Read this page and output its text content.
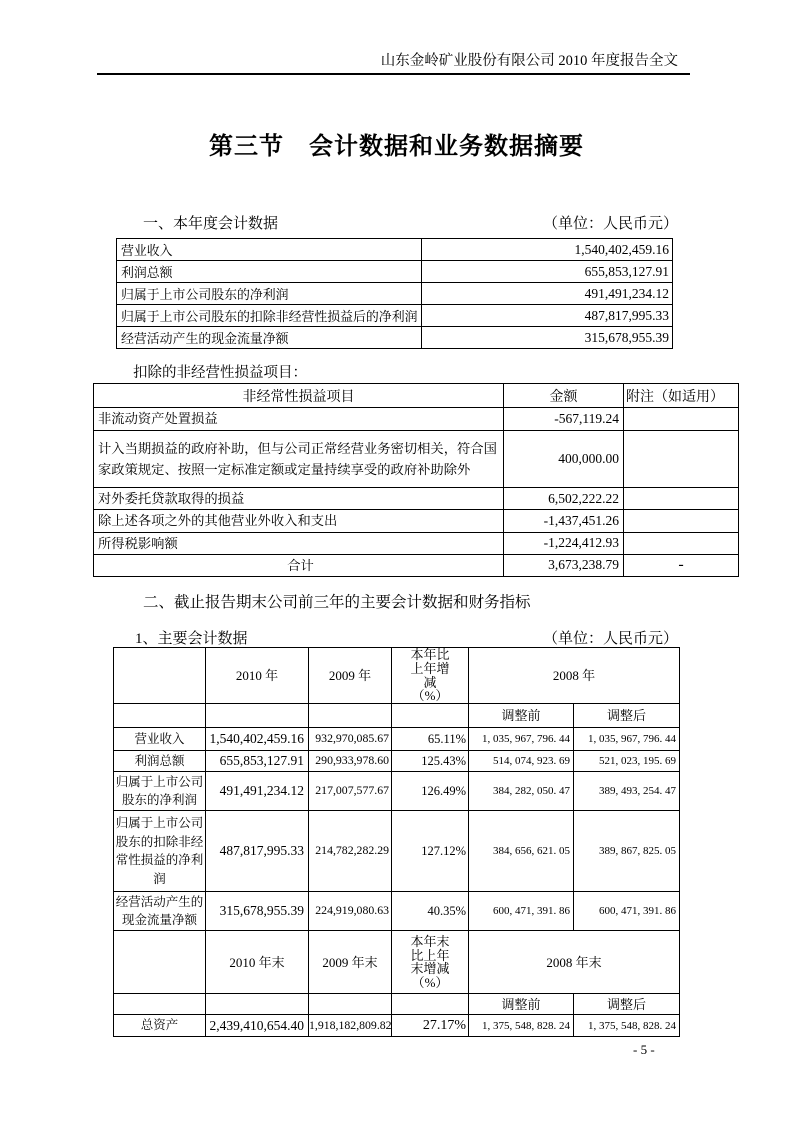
山东金岭矿业股份有限公司 2010 年度报告全文
第三节　会计数据和业务数据摘要
一、本年度会计数据	（单位：人民币元）
营业收入	1,540,402,459.16
利润总额	655,853,127.91
归属于上市公司股东的净利润	491,491,234.12
归属于上市公司股东的扣除非经营性损益后的净利润	487,817,995.33
经营活动产生的现金流量净额	315,678,955.39
扣除的非经营性损益项目：
非经常性损益项目	金额	附注（如适用）
非流动资产处置损益	-567,119.24	
计入当期损益的政府补助，但与公司正常经营业务密切相关，符合国家政策规定、按照一定标准定额或定量持续享受的政府补助除外	400,000.00	
对外委托贷款取得的损益	6,502,222.22	
除上述各项之外的其他营业外收入和支出	-1,437,451.26	
所得税影响额	-1,224,412.93	
合计	3,673,238.79	-
二、截止报告期末公司前三年的主要会计数据和财务指标
1、主要会计数据	（单位：人民币元）
	2010 年	2009 年	本年比上年增减（%）	2008 年	
				调整前	调整后
营业收入	1,540,402,459.16	932,970,085.67	65.11%	1, 035, 967, 796. 44	1, 035, 967, 796. 44
利润总额	655,853,127.91	290,933,978.60	125.43%	514, 074, 923. 69	521, 023, 195. 69
归属于上市公司股东的净利润	491,491,234.12	217,007,577.67	126.49%	384, 282, 050. 47	389, 493, 254. 47
归属于上市公司股东的扣除非经常性损益的净利润	487,817,995.33	214,782,282.29	127.12%	384, 656, 621. 05	389, 867, 825. 05
经营活动产生的现金流量净额	315,678,955.39	224,919,080.63	40.35%	600, 471, 391. 86	600, 471, 391. 86
	2010 年末	2009 年末	本年末比上年末增减（%）	2008 年末	
				调整前	调整后
总资产	2,439,410,654.40	1,918,182,809.82	27.17%	1, 375, 548, 828. 24	1, 375, 548, 828. 24
- 5 -
